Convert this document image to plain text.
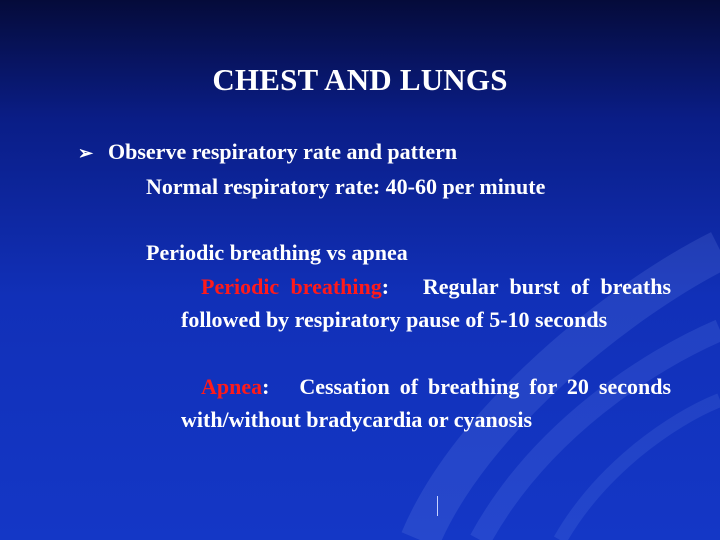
CHEST AND LUNGS
➢ Observe respiratory rate and pattern
Normal respiratory rate: 40-60 per minute
Periodic breathing vs apnea
Periodic breathing: Regular burst of breaths followed by respiratory pause of 5-10 seconds
Apnea: Cessation of breathing for 20 seconds with/without bradycardia or cyanosis
